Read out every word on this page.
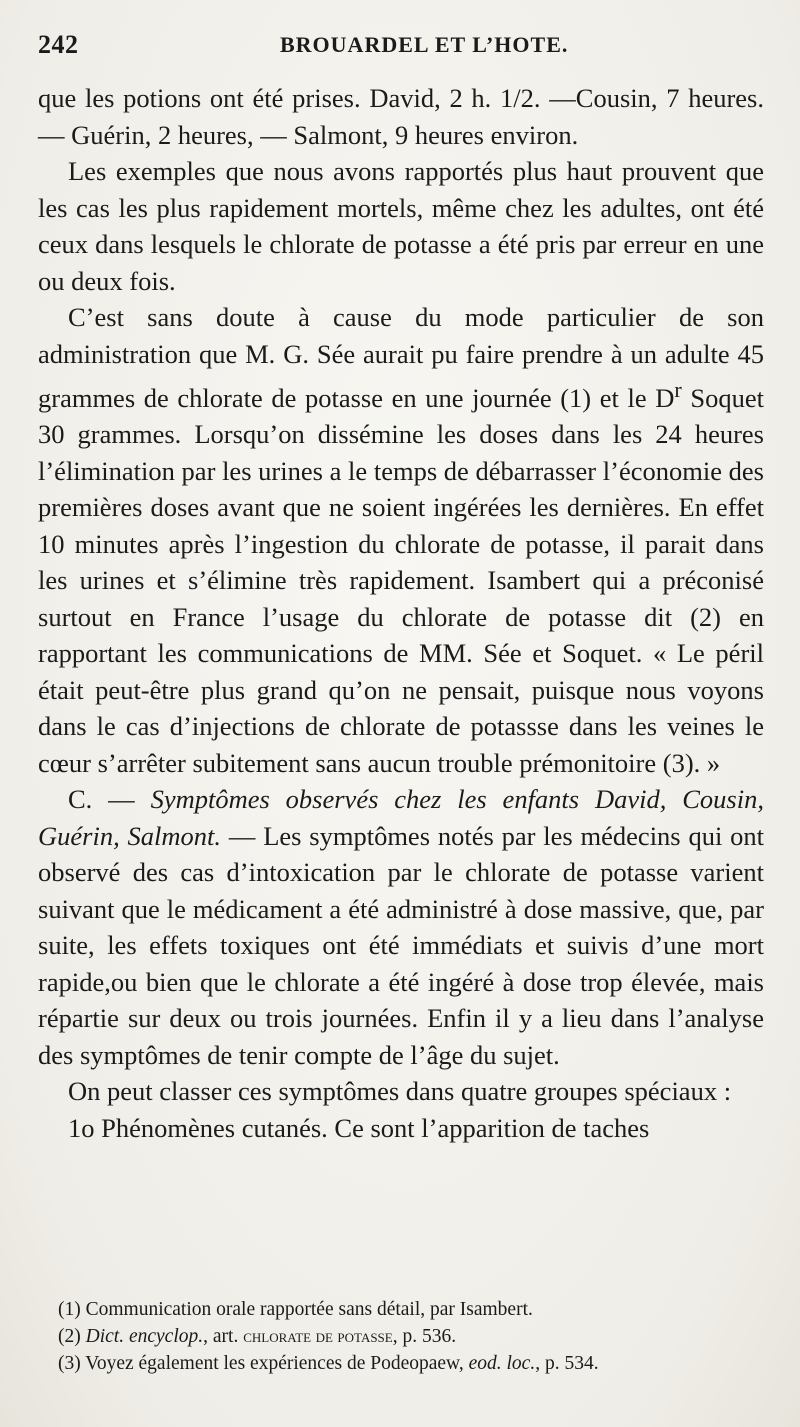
242	BROUARDEL ET L’HOTE.

que les potions ont été prises. David, 2 h. 1/2. —Cousin, 7 heures.— Guérin, 2 heures, — Salmont, 9 heures environ.

Les exemples que nous avons rapportés plus haut prouvent que les cas les plus rapidement mortels, même chez les adultes, ont été ceux dans lesquels le chlorate de potasse a été pris par erreur en une ou deux fois.

C’est sans doute à cause du mode particulier de son administration que M. G. Sée aurait pu faire prendre à un adulte 45 grammes de chlorate de potasse en une journée (1) et le $D^r$ Soquet 30 grammes. Lorsqu’on dissémine les doses dans les 24 heures l’élimination par les urines a le temps de débarrasser l’économie des premières doses avant que ne soient ingérées les dernières. En effet 10 minutes après l’ingestion du chlorate de potasse, il parait dans les urines et s’élimine très rapidement. Isambert qui a préconisé surtout en France l’usage du chlorate de potasse dit (2) en rapportant les communications de MM. Sée et Soquet. « Le péril était peut-être plus grand qu’on ne pensait, puisque nous voyons dans le cas d’injections de chlorate de potassse dans les veines le cœur s’arrêter subitement sans aucun trouble prémonitoire (3). »

C. — Symptômes observés chez les enfants David, Cousin, Guérin, Salmont. — Les symptômes notés par les médecins qui ont observé des cas d’intoxication par le chlorate de potasse varient suivant que le médicament a été administré à dose massive, que, par suite, les effets toxiques ont été immédiats et suivis d’une mort rapide,ou bien que le chlorate a été ingéré à dose trop élevée, mais répartie sur deux ou trois journées. Enfin il y a lieu dans l’analyse des symptômes de tenir compte de l’âge du sujet.

On peut classer ces symptômes dans quatre groupes spéciaux :

1o Phénomènes cutanés. Ce sont l’apparition de taches

(1) Communication orale rapportée sans détail, par Isambert.

(2) Dict. encyclop., art. chlorate de potasse, p. 536.

(3) Voyez également les expériences de Podeopaew, eod. loc., p. 534.
